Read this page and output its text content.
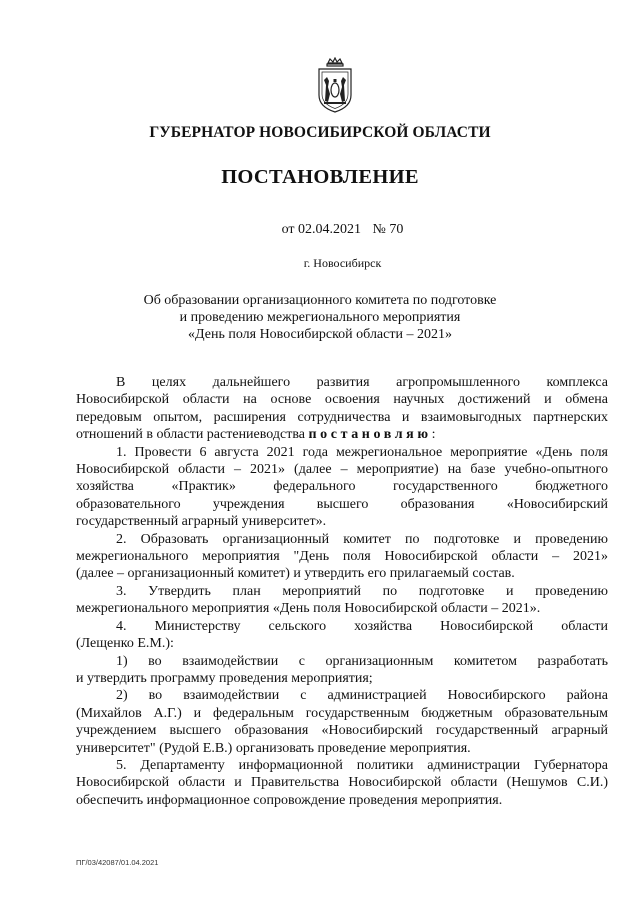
ГУБЕРНАТОР НОВОСИБИРСКОЙ ОБЛАСТИ
ПОСТАНОВЛЕНИЕ
от 02.04.2021 № 70
г. Новосибирск
Об образовании организационного комитета по подготовке
и проведению межрегионального мероприятия
«День поля Новосибирской области – 2021»

В целях дальнейшего развития агропромышленного комплекса

Новосибирской области на основе освоения научных достижений и обмена

передовым опытом, расширения сотрудничества и взаимовыгодных партнерских

отношений в области растениеводства постановляю:

1. Провести 6 августа 2021 года межрегиональное мероприятие «День поля

Новосибирской области – 2021» (далее – мероприятие) на базе учебно-опытного

хозяйства «Практик» федерального государственного бюджетного

образовательного учреждения высшего образования «Новосибирский

государственный аграрный университет».

2. Образовать организационный комитет по подготовке и проведению

межрегионального мероприятия "День поля Новосибирской области – 2021»

(далее – организационный комитет) и утвердить его прилагаемый состав.

3. Утвердить план мероприятий по подготовке и проведению

межрегионального мероприятия «День поля Новосибирской области – 2021».

4. Министерству сельского хозяйства Новосибирской области

(Лещенко Е.М.):

1) во взаимодействии с организационным комитетом разработать

и утвердить программу проведения мероприятия;

2) во взаимодействии с администрацией Новосибирского района

(Михайлов А.Г.) и федеральным государственным бюджетным образовательным

учреждением высшего образования «Новосибирский государственный аграрный

университет" (Рудой Е.В.) организовать проведение мероприятия.

5. Департаменту информационной политики администрации Губернатора

Новосибирской области и Правительства Новосибирской области (Нешумов С.И.)

обеспечить информационное сопровождение проведения мероприятия.

ПГ/03/42087/01.04.2021
